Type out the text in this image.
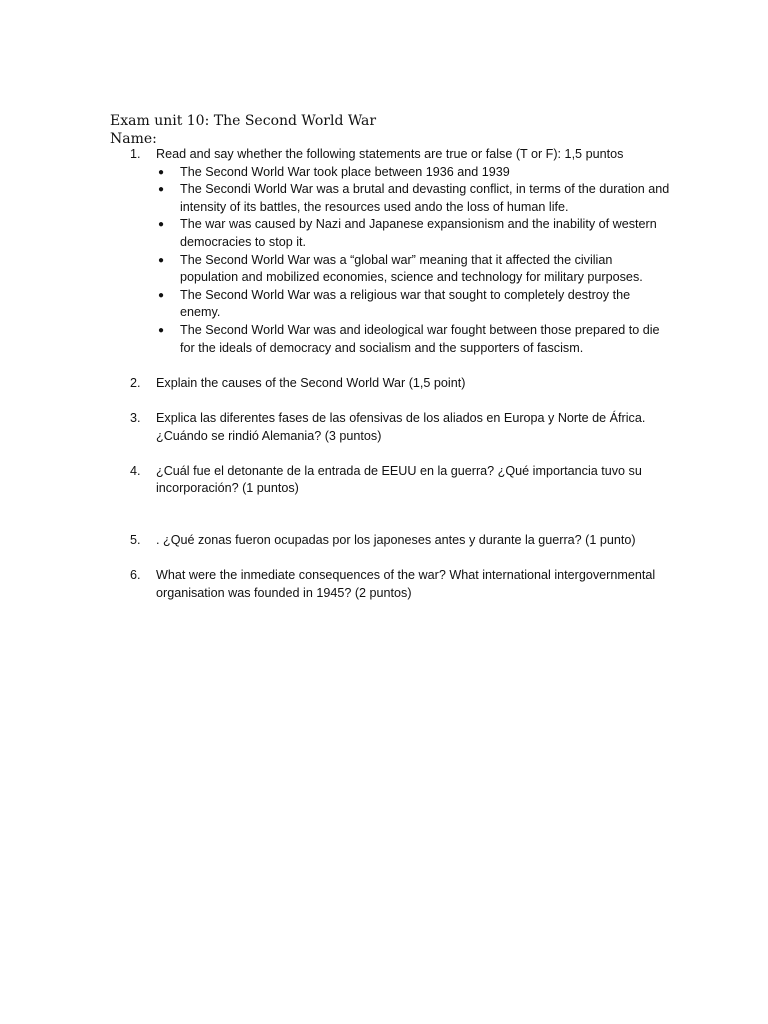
Exam unit 10: The Second World War
Name:
1.	Read and say whether the following statements are true or false (T or F): 1,5 puntos
●	The Second World War took place between 1936 and 1939
●	The Secondi World War was a brutal and devasting conflict, in terms of the duration and intensity of its battles, the resources used ando the loss of human life.
●	The war was caused by Nazi and Japanese expansionism and the inability of western democracies to stop it.
●	The Second World War was a “global war” meaning that it affected the civilian population and mobilized economies, science and technology for military purposes.
●	The Second World War was a religious war that sought to completely destroy the enemy.
●	The Second World War was and ideological war fought between those prepared to die for the ideals of democracy and socialism and the supporters of fascism.
2.	Explain the causes of the Second World War (1,5 point)
3.	Explica las diferentes fases de las ofensivas de los aliados en Europa y Norte de África. ¿Cuándo se rindió Alemania? (3 puntos)
4.	¿Cuál fue el detonante de la entrada de EEUU en la guerra? ¿Qué importancia tuvo su incorporación? (1 puntos)
5.	. ¿Qué zonas fueron ocupadas por los japoneses antes y durante la guerra? (1 punto)
6.	What were the inmediate consequences of the war? What international intergovernmental organisation was founded in 1945? (2 puntos)
